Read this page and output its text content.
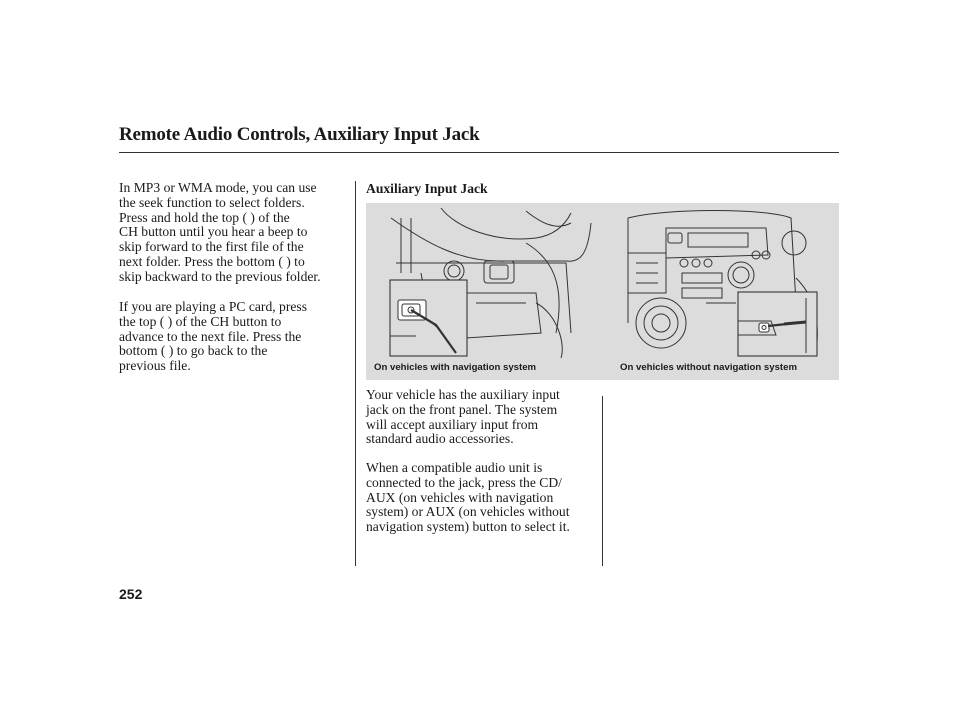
Remote Audio Controls, Auxiliary Input Jack

In MP3 or WMA mode, you can use
the seek function to select folders.
Press and hold the top ( ) of the
CH button until you hear a beep to
skip forward to the first file of the
next folder. Press the bottom ( ) to
skip backward to the previous folder.

If you are playing a PC card, press
the top ( ) of the CH button to
advance to the next file. Press the
bottom ( ) to go back to the
previous file.

Auxiliary Input Jack
On vehicles with navigation system	On vehicles without navigation system

Your vehicle has the auxiliary input
jack on the front panel. The system
will accept auxiliary input from
standard audio accessories.

When a compatible audio unit is
connected to the jack, press the CD/
AUX (on vehicles with navigation
system) or AUX (on vehicles without
navigation system) button to select it.

252
